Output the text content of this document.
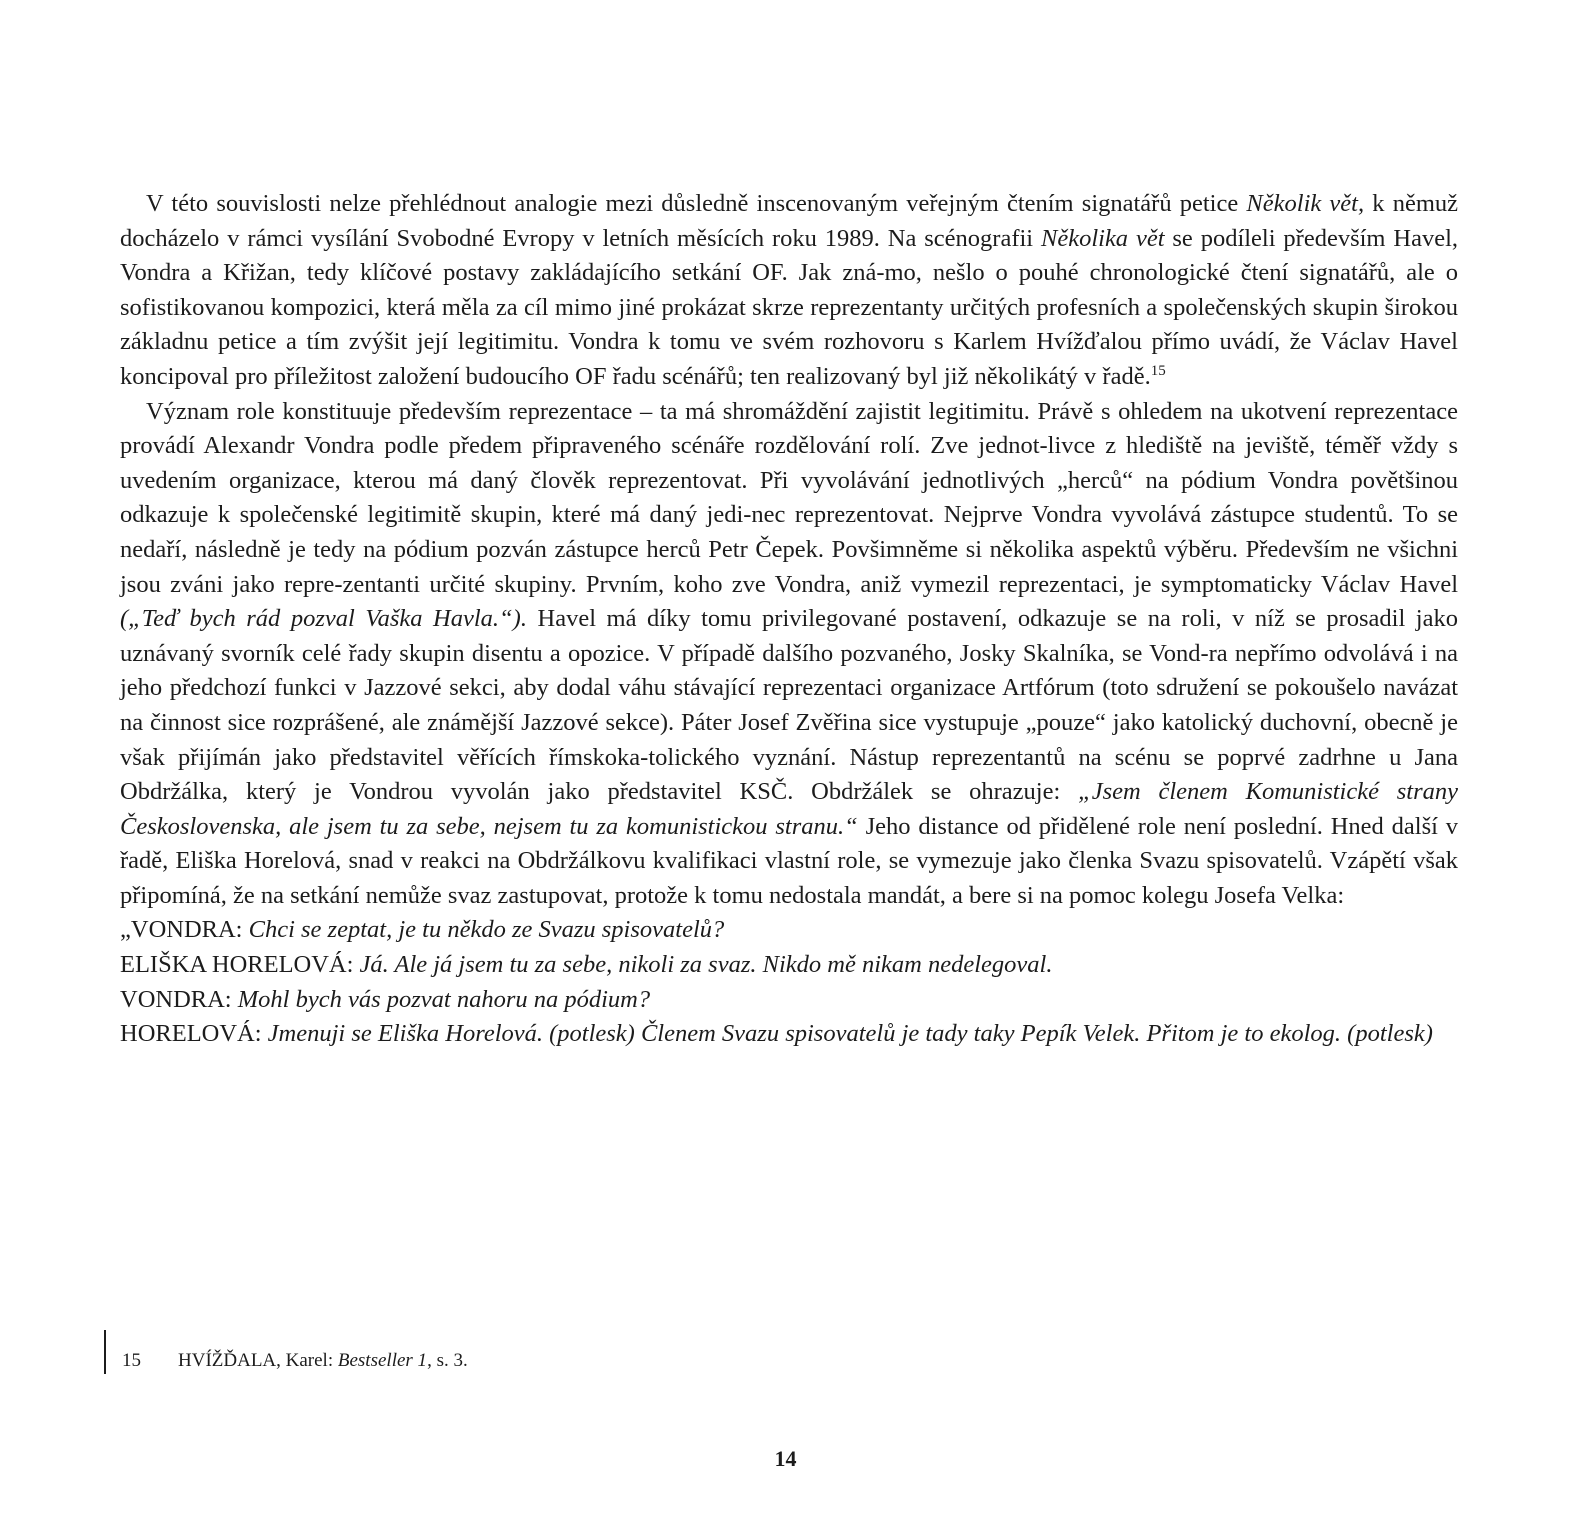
V této souvislosti nelze přehlédnout analogie mezi důsledně inscenovaným veřejným čtením signatářů petice Několik vět, k němuž docházelo v rámci vysílání Svobodné Evropy v letních měsících roku 1989. Na scénografii Několika vět se podíleli především Havel, Vondra a Křižan, tedy klíčové postavy zakládajícího setkání OF. Jak zná-mo, nešlo o pouhé chronologické čtení signatářů, ale o sofistikovanou kompozici, která měla za cíl mimo jiné prokázat skrze reprezentanty určitých profesních a společenských skupin širokou základnu petice a tím zvýšit její legitimitu. Vondra k tomu ve svém rozhovoru s Karlem Hvížďalou přímo uvádí, že Václav Havel koncipoval pro příležitost založení budoucího OF řadu scénářů; ten realizovaný byl již několikátý v řadě.$^{15}$

Význam role konstituuje především reprezentace – ta má shromáždění zajistit legitimitu. Právě s ohledem na ukotvení reprezentace provádí Alexandr Vondra podle předem připraveného scénáře rozdělování rolí. Zve jednot-livce z hlediště na jeviště, téměř vždy s uvedením organizace, kterou má daný člověk reprezentovat. Při vyvolávání jednotlivých „herců“ na pódium Vondra povětšinou odkazuje k společenské legitimitě skupin, které má daný jedi-nec reprezentovat. Nejprve Vondra vyvolává zástupce studentů. To se nedaří, následně je tedy na pódium pozván zástupce herců Petr Čepek. Povšimněme si několika aspektů výběru. Především ne všichni jsou zváni jako repre-zentanti určité skupiny. Prvním, koho zve Vondra, aniž vymezil reprezentaci, je symptomaticky Václav Havel („Teď bych rád pozval Vaška Havla.“). Havel má díky tomu privilegované postavení, odkazuje se na roli, v níž se prosadil jako uznávaný svorník celé řady skupin disentu a opozice. V případě dalšího pozvaného, Josky Skalníka, se Vond-ra nepřímo odvolává i na jeho předchozí funkci v Jazzové sekci, aby dodal váhu stávající reprezentaci organizace Artfórum (toto sdružení se pokoušelo navázat na činnost sice rozprášené, ale známější Jazzové sekce). Páter Josef Zvěřina sice vystupuje „pouze“ jako katolický duchovní, obecně je však přijímán jako představitel věřících římskoka-tolického vyznání. Nástup reprezentantů na scénu se poprvé zadrhne u Jana Obdržálka, který je Vondrou vyvolán jako představitel KSČ. Obdržálek se ohrazuje: „Jsem členem Komunistické strany Československa, ale jsem tu za sebe, nejsem tu za komunistickou stranu.“ Jeho distance od přidělené role není poslední. Hned další v řadě, Eliška Horelová, snad v reakci na Obdržálkovu kvalifikaci vlastní role, se vymezuje jako členka Svazu spisovatelů. Vzápětí však připomíná, že na setkání nemůže svaz zastupovat, protože k tomu nedostala mandát, a bere si na pomoc kolegu Josefa Velka:

„VONDRA: Chci se zeptat, je tu někdo ze Svazu spisovatelů?

ELIŠKA HORELOVÁ: Já. Ale já jsem tu za sebe, nikoli za svaz. Nikdo mě nikam nedelegoval.

VONDRA: Mohl bych vás pozvat nahoru na pódium?

HORELOVÁ: Jmenuji se Eliška Horelová. (potlesk) Členem Svazu spisovatelů je tady taky Pepík Velek. Přitom je to ekolog. (potlesk)

15	HVÍŽĎALA, Karel: Bestseller 1, s. 3.
14
